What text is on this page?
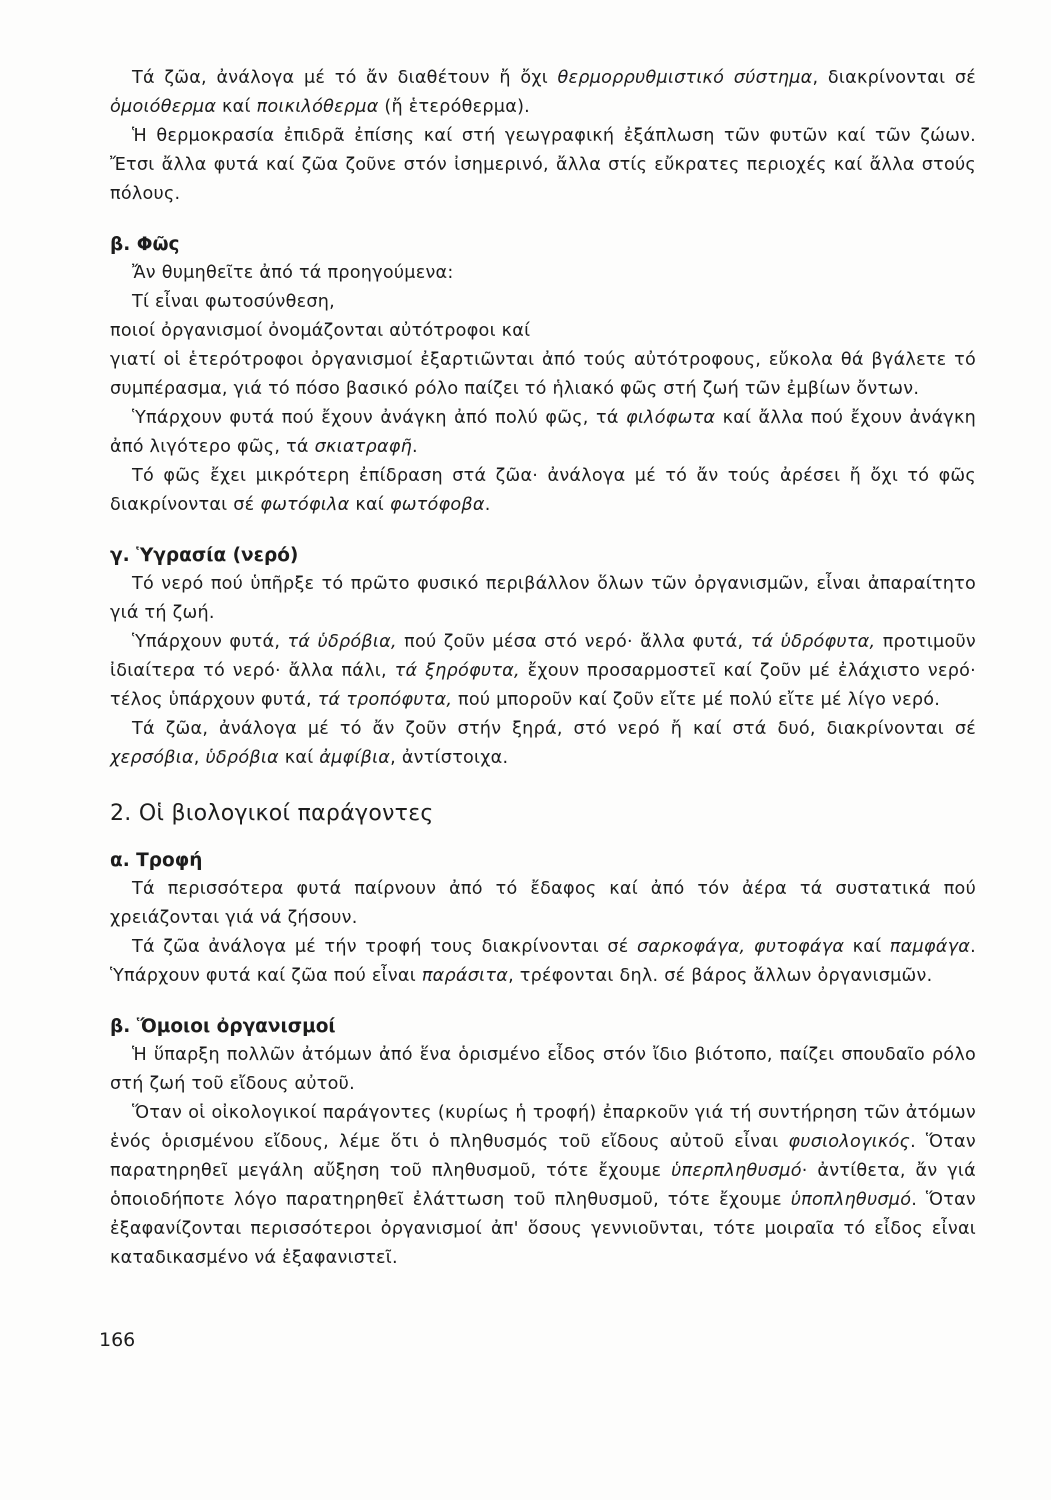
Τά ζῶα, ἀνάλογα μέ τό ἄν διαθέτουν ἤ ὄχι θερμορρυθμιστικό σύστημα, διακρίνονται σέ ὁμοιόθερμα καί ποικιλόθερμα (ἤ ἑτερόθερμα).

Ἡ θερμοκρασία ἐπιδρᾶ ἐπίσης καί στή γεωγραφική ἐξάπλωση τῶν φυτῶν καί τῶν ζώων. Ἔτσι ἄλλα φυτά καί ζῶα ζοῦνε στόν ἰσημερινό, ἄλλα στίς εὔκρατες περιοχές καί ἄλλα στούς πόλους.

β. Φῶς

Ἄν θυμηθεῖτε ἀπό τά προηγούμενα:

Τί εἶναι φωτοσύνθεση,

ποιοί ὀργανισμοί ὀνομάζονται αὐτότροφοι καί

γιατί οἱ ἑτερότροφοι ὀργανισμοί ἐξαρτιῶνται ἀπό τούς αὐτότροφους, εὔκολα θά βγάλετε τό συμπέρασμα, γιά τό πόσο βασικό ρόλο παίζει τό ἡλιακό φῶς στή ζωή τῶν ἐμβίων ὄντων.

Ὑπάρχουν φυτά πού ἔχουν ἀνάγκη ἀπό πολύ φῶς, τά φιλόφωτα καί ἄλλα πού ἔχουν ἀνάγκη ἀπό λιγότερο φῶς, τά σκιατραφῆ.

Τό φῶς ἔχει μικρότερη ἐπίδραση στά ζῶα· ἀνάλογα μέ τό ἄν τούς ἀρέσει ἤ ὄχι τό φῶς διακρίνονται σέ φωτόφιλα καί φωτόφοβα.

γ. Ὑγρασία (νερό)

Τό νερό πού ὑπῆρξε τό πρῶτο φυσικό περιβάλλον ὅλων τῶν ὀργανισμῶν, εἶναι ἀπαραίτητο γιά τή ζωή.

Ὑπάρχουν φυτά, τά ὑδρόβια, πού ζοῦν μέσα στό νερό· ἄλλα φυτά, τά ὑδρόφυτα, προτιμοῦν ἰδιαίτερα τό νερό· ἄλλα πάλι, τά ξηρόφυτα, ἔχουν προσαρμοστεῖ καί ζοῦν μέ ἐλάχιστο νερό· τέλος ὑπάρχουν φυτά, τά τροπόφυτα, πού μποροῦν καί ζοῦν εἴτε μέ πολύ εἴτε μέ λίγο νερό.

Τά ζῶα, ἀνάλογα μέ τό ἄν ζοῦν στήν ξηρά, στό νερό ἤ καί στά δυό, διακρίνονται σέ χερσόβια, ὑδρόβια καί ἀμφίβια, ἀντίστοιχα.

2. Οἱ βιολογικοί παράγοντες
α. Τροφή

Τά περισσότερα φυτά παίρνουν ἀπό τό ἔδαφος καί ἀπό τόν ἀέρα τά συστατικά πού χρειάζονται γιά νά ζήσουν.

Τά ζῶα ἀνάλογα μέ τήν τροφή τους διακρίνονται σέ σαρκοφάγα, φυτοφάγα καί παμφάγα. Ὑπάρχουν φυτά καί ζῶα πού εἶναι παράσιτα, τρέφονται δηλ. σέ βάρος ἄλλων ὀργανισμῶν.

β. Ὅμοιοι ὀργανισμοί

Ἡ ὕπαρξη πολλῶν ἀτόμων ἀπό ἕνα ὁρισμένο εἶδος στόν ἴδιο βιότοπο, παίζει σπουδαῖο ρόλο στή ζωή τοῦ εἴδους αὐτοῦ.

Ὅταν οἱ οἰκολογικοί παράγοντες (κυρίως ἡ τροφή) ἐπαρκοῦν γιά τή συντήρηση τῶν ἀτόμων ἑνός ὁρισμένου εἴδους, λέμε ὅτι ὁ πληθυσμός τοῦ εἴδους αὐτοῦ εἶναι φυσιολογικός. Ὅταν παρατηρηθεῖ μεγάλη αὔξηση τοῦ πληθυσμοῦ, τότε ἔχουμε ὑπερπληθυσμό· ἀντίθετα, ἄν γιά ὁποιοδήποτε λόγο παρατηρηθεῖ ἐλάττωση τοῦ πληθυσμοῦ, τότε ἔχουμε ὑποπληθυσμό. Ὅταν ἐξαφανίζονται περισσότεροι ὀργανισμοί ἀπ' ὅσους γεννιοῦνται, τότε μοιραῖα τό εἶδος εἶναι καταδικασμένο νά ἐξαφανιστεῖ.

166
